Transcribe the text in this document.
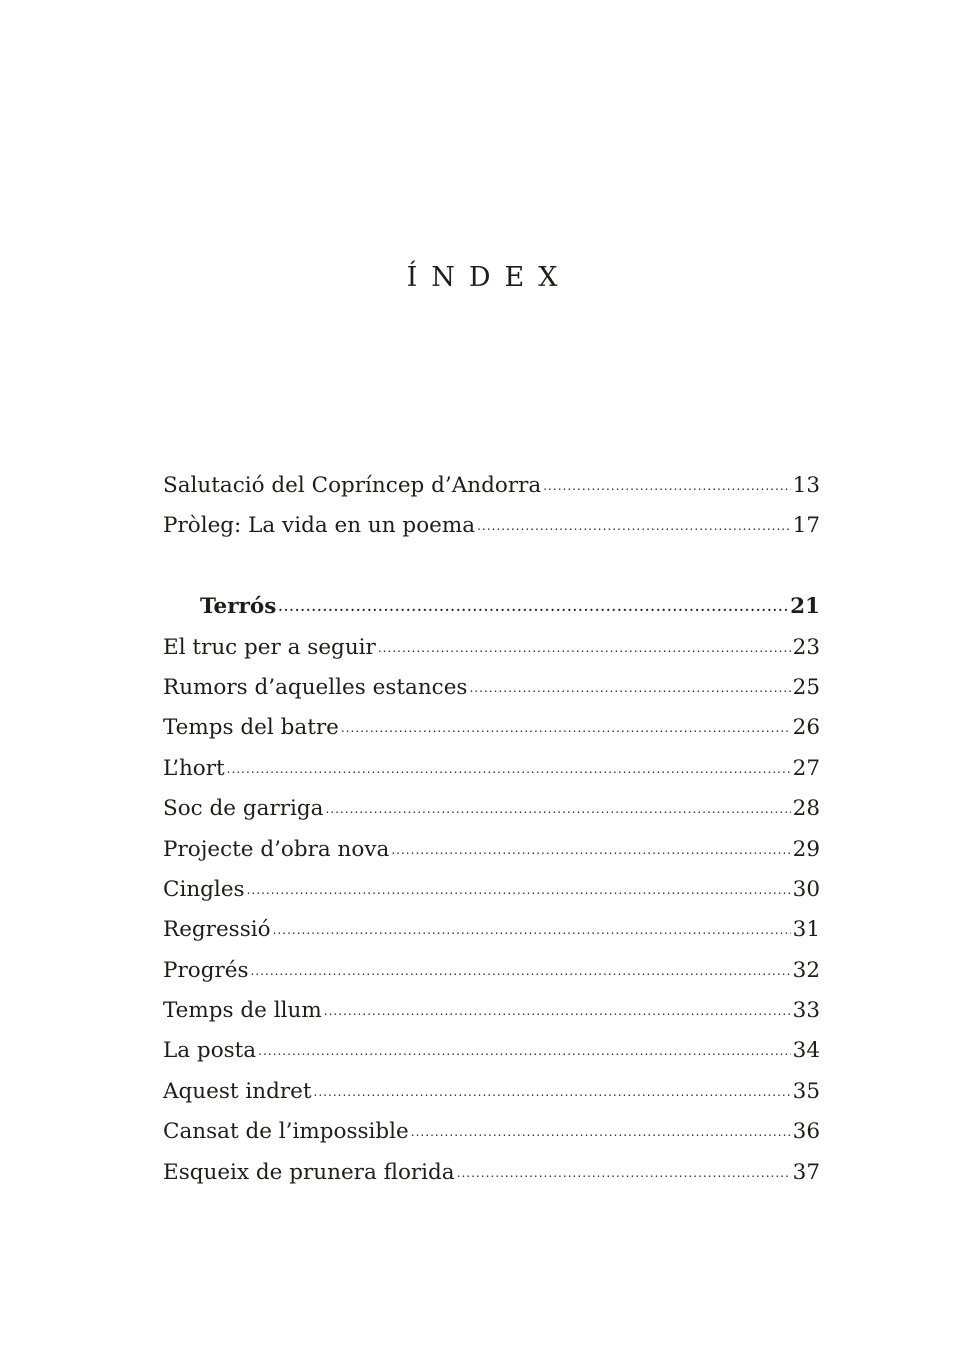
ÍNDEX
Salutació del Copríncep d’Andorra . . .	13
Pròleg: La vida en un poema . . .	17
Terrós . . .	21
El truc per a seguir . . .	23
Rumors d’aquelles estances . . .	25
Temps del batre . . .	26
L’hort . . .	27
Soc de garriga . . .	28
Projecte d’obra nova . . .	29
Cingles . . .	30
Regressió . . .	31
Progrés . . .	32
Temps de llum . . .	33
La posta . . .	34
Aquest indret . . .	35
Cansat de l’impossible . . .	36
Esqueix de prunera florida . . .	37
